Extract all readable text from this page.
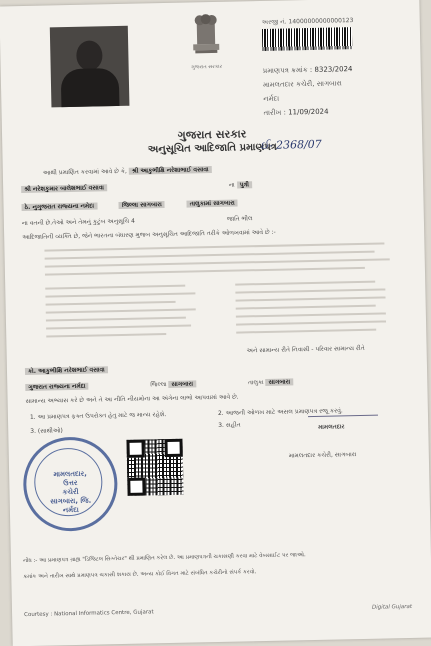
ગુજરાત સરકાર
અરજી નં. 14000000000000123
પ્રમાણપત્ર ક્રમાંક : 8323/2024
મામલતદાર કચેરી, સાગબારા
નર્મદા
તારીખ : 11/09/2024
ગુજરાત સરકાર
અનુસૂચિત આદિજાતિ પ્રમાણપત્ર
ઈ- 2368/07
આથી પ્રમાણિત કરવામાં આવે છે કે, શ્રી આકુભીક્ષિ નરેશાભાઈ વસાવા
શ્રી નરેશકુમાર બાલેશભાઈ વસાવા	ના પુત્રી
ઠે. નુગુજરાત રાજ્યના નમેદા	જિલ્લા સાગબારા	તાલુકામાં સાગબારા
ના વતની છે.તેઓ અને તેમનું કુટુંબ અનુસૂચિ 4	જાતિ ભીલ
આદિજાતિની વ્યક્તિ છે, જેને ભારતના બંધારણ મુજબ અનુસૂચિત આદિજાતિ તરીકે ઓળખવામાં આવે છે :-
અને સામાન્ય રીતે નિવાસી - પરિવાર સામાન્ય રીતે
કો. આકુભીક્ષિ નરેશભાઈ વસાવા
ગુજરાત રાજ્યના નર્મદા	જિલ્લા સાગબારા	તાલુકા સાગબારા
સામાન્ય અભ્યાસ કરે છે અને તે આ નીતિ નીયમોના આ અંગેના લાભો આપવામાં આવે છે.
1. આ પ્રમાણપત્ર ફક્ત ઉપરોક્ત હેતુ માટે જ માન્ય રહેશે.
3. (સાથીઓ)
2. આજની ઓળખ માટે અસલ પ્રમાણપત્ર રજૂ કરવું.
3. સહીત
મામલતદાર, ઉત્તર
કચેરી
સાગબારા, જિ. નર્મદા
મામલતદાર
મામલતદાર કચેરી, સાગબારા
નોંધ :- આ પ્રમાણપત્ર ગ્રાહ્ય "ડિજિટલ સિગ્નેચર" થી પ્રમાણિત કરેલ છે. આ પ્રમાણપત્રની ચકાસણી કરવા માટે વેબસાઈટ પર જાઓ.
ક્રમાંક અને તારીખ સાથે પ્રમાણપત્ર ચકાસી શકાય છે. અન્ય કોઈ વિગત માટે સંબંધિત કચેરીનો સંપર્ક કરવો.
Courtesy : National Informatics Centre, Gujarat
Digital Gujarat
